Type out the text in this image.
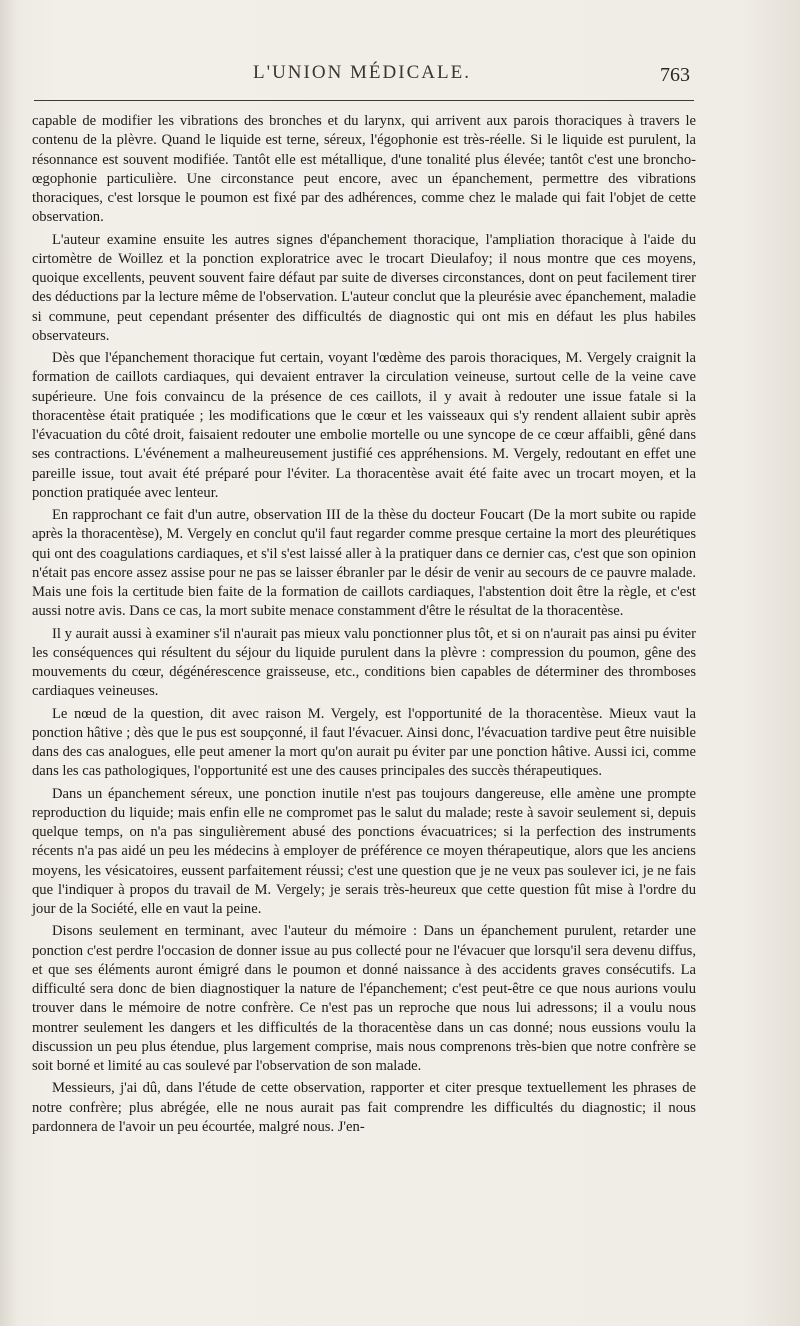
L'UNION MÉDICALE.	763

capable de modifier les vibrations des bronches et du larynx, qui arrivent aux parois thoraciques à travers le contenu de la plèvre. Quand le liquide est terne, séreux, l'égophonie est très-réelle. Si le liquide est purulent, la résonnance est souvent modifiée. Tantôt elle est métallique, d'une tonalité plus élevée; tantôt c'est une broncho-œgophonie particulière. Une circonstance peut encore, avec un épanchement, permettre des vibrations thoraciques, c'est lorsque le poumon est fixé par des adhérences, comme chez le malade qui fait l'objet de cette observation.

L'auteur examine ensuite les autres signes d'épanchement thoracique, l'ampliation thoracique à l'aide du cirtomètre de Woillez et la ponction exploratrice avec le trocart Dieulafoy; il nous montre que ces moyens, quoique excellents, peuvent souvent faire défaut par suite de diverses circonstances, dont on peut facilement tirer des déductions par la lecture même de l'observation. L'auteur conclut que la pleurésie avec épanchement, maladie si commune, peut cependant présenter des difficultés de diagnostic qui ont mis en défaut les plus habiles observateurs.

Dès que l'épanchement thoracique fut certain, voyant l'œdème des parois thoraciques, M. Vergely craignit la formation de caillots cardiaques, qui devaient entraver la circulation veineuse, surtout celle de la veine cave supérieure. Une fois convaincu de la présence de ces caillots, il y avait à redouter une issue fatale si la thoracentèse était pratiquée ; les modifications que le cœur et les vaisseaux qui s'y rendent allaient subir après l'évacuation du côté droit, faisaient redouter une embolie mortelle ou une syncope de ce cœur affaibli, gêné dans ses contractions. L'événement a malheureusement justifié ces appréhensions. M. Vergely, redoutant en effet une pareille issue, tout avait été préparé pour l'éviter. La thoracentèse avait été faite avec un trocart moyen, et la ponction pratiquée avec lenteur.

En rapprochant ce fait d'un autre, observation III de la thèse du docteur Foucart (De la mort subite ou rapide après la thoracentèse), M. Vergely en conclut qu'il faut regarder comme presque certaine la mort des pleurétiques qui ont des coagulations cardiaques, et s'il s'est laissé aller à la pratiquer dans ce dernier cas, c'est que son opinion n'était pas encore assez assise pour ne pas se laisser ébranler par le désir de venir au secours de ce pauvre malade. Mais une fois la certitude bien faite de la formation de caillots cardiaques, l'abstention doit être la règle, et c'est aussi notre avis. Dans ce cas, la mort subite menace constamment d'être le résultat de la thoracentèse.

Il y aurait aussi à examiner s'il n'aurait pas mieux valu ponctionner plus tôt, et si on n'aurait pas ainsi pu éviter les conséquences qui résultent du séjour du liquide purulent dans la plèvre : compression du poumon, gêne des mouvements du cœur, dégénérescence graisseuse, etc., conditions bien capables de déterminer des thromboses cardiaques veineuses.

Le nœud de la question, dit avec raison M. Vergely, est l'opportunité de la thoracentèse. Mieux vaut la ponction hâtive ; dès que le pus est soupçonné, il faut l'évacuer. Ainsi donc, l'évacuation tardive peut être nuisible dans des cas analogues, elle peut amener la mort qu'on aurait pu éviter par une ponction hâtive. Aussi ici, comme dans les cas pathologiques, l'opportunité est une des causes principales des succès thérapeutiques.

Dans un épanchement séreux, une ponction inutile n'est pas toujours dangereuse, elle amène une prompte reproduction du liquide; mais enfin elle ne compromet pas le salut du malade; reste à savoir seulement si, depuis quelque temps, on n'a pas singulièrement abusé des ponctions évacuatrices; si la perfection des instruments récents n'a pas aidé un peu les médecins à employer de préférence ce moyen thérapeutique, alors que les anciens moyens, les vésicatoires, eussent parfaitement réussi; c'est une question que je ne veux pas soulever ici, je ne fais que l'indiquer à propos du travail de M. Vergely; je serais très-heureux que cette question fût mise à l'ordre du jour de la Société, elle en vaut la peine.

Disons seulement en terminant, avec l'auteur du mémoire : Dans un épanchement purulent, retarder une ponction c'est perdre l'occasion de donner issue au pus collecté pour ne l'évacuer que lorsqu'il sera devenu diffus, et que ses éléments auront émigré dans le poumon et donné naissance à des accidents graves consécutifs. La difficulté sera donc de bien diagnostiquer la nature de l'épanchement; c'est peut-être ce que nous aurions voulu trouver dans le mémoire de notre confrère. Ce n'est pas un reproche que nous lui adressons; il a voulu nous montrer seulement les dangers et les difficultés de la thoracentèse dans un cas donné; nous eussions voulu la discussion un peu plus étendue, plus largement comprise, mais nous comprenons très-bien que notre confrère se soit borné et limité au cas soulevé par l'observation de son malade.

Messieurs, j'ai dû, dans l'étude de cette observation, rapporter et citer presque textuellement les phrases de notre confrère; plus abrégée, elle ne nous aurait pas fait comprendre les difficultés du diagnostic; il nous pardonnera de l'avoir un peu écourtée, malgré nous. J'en-
